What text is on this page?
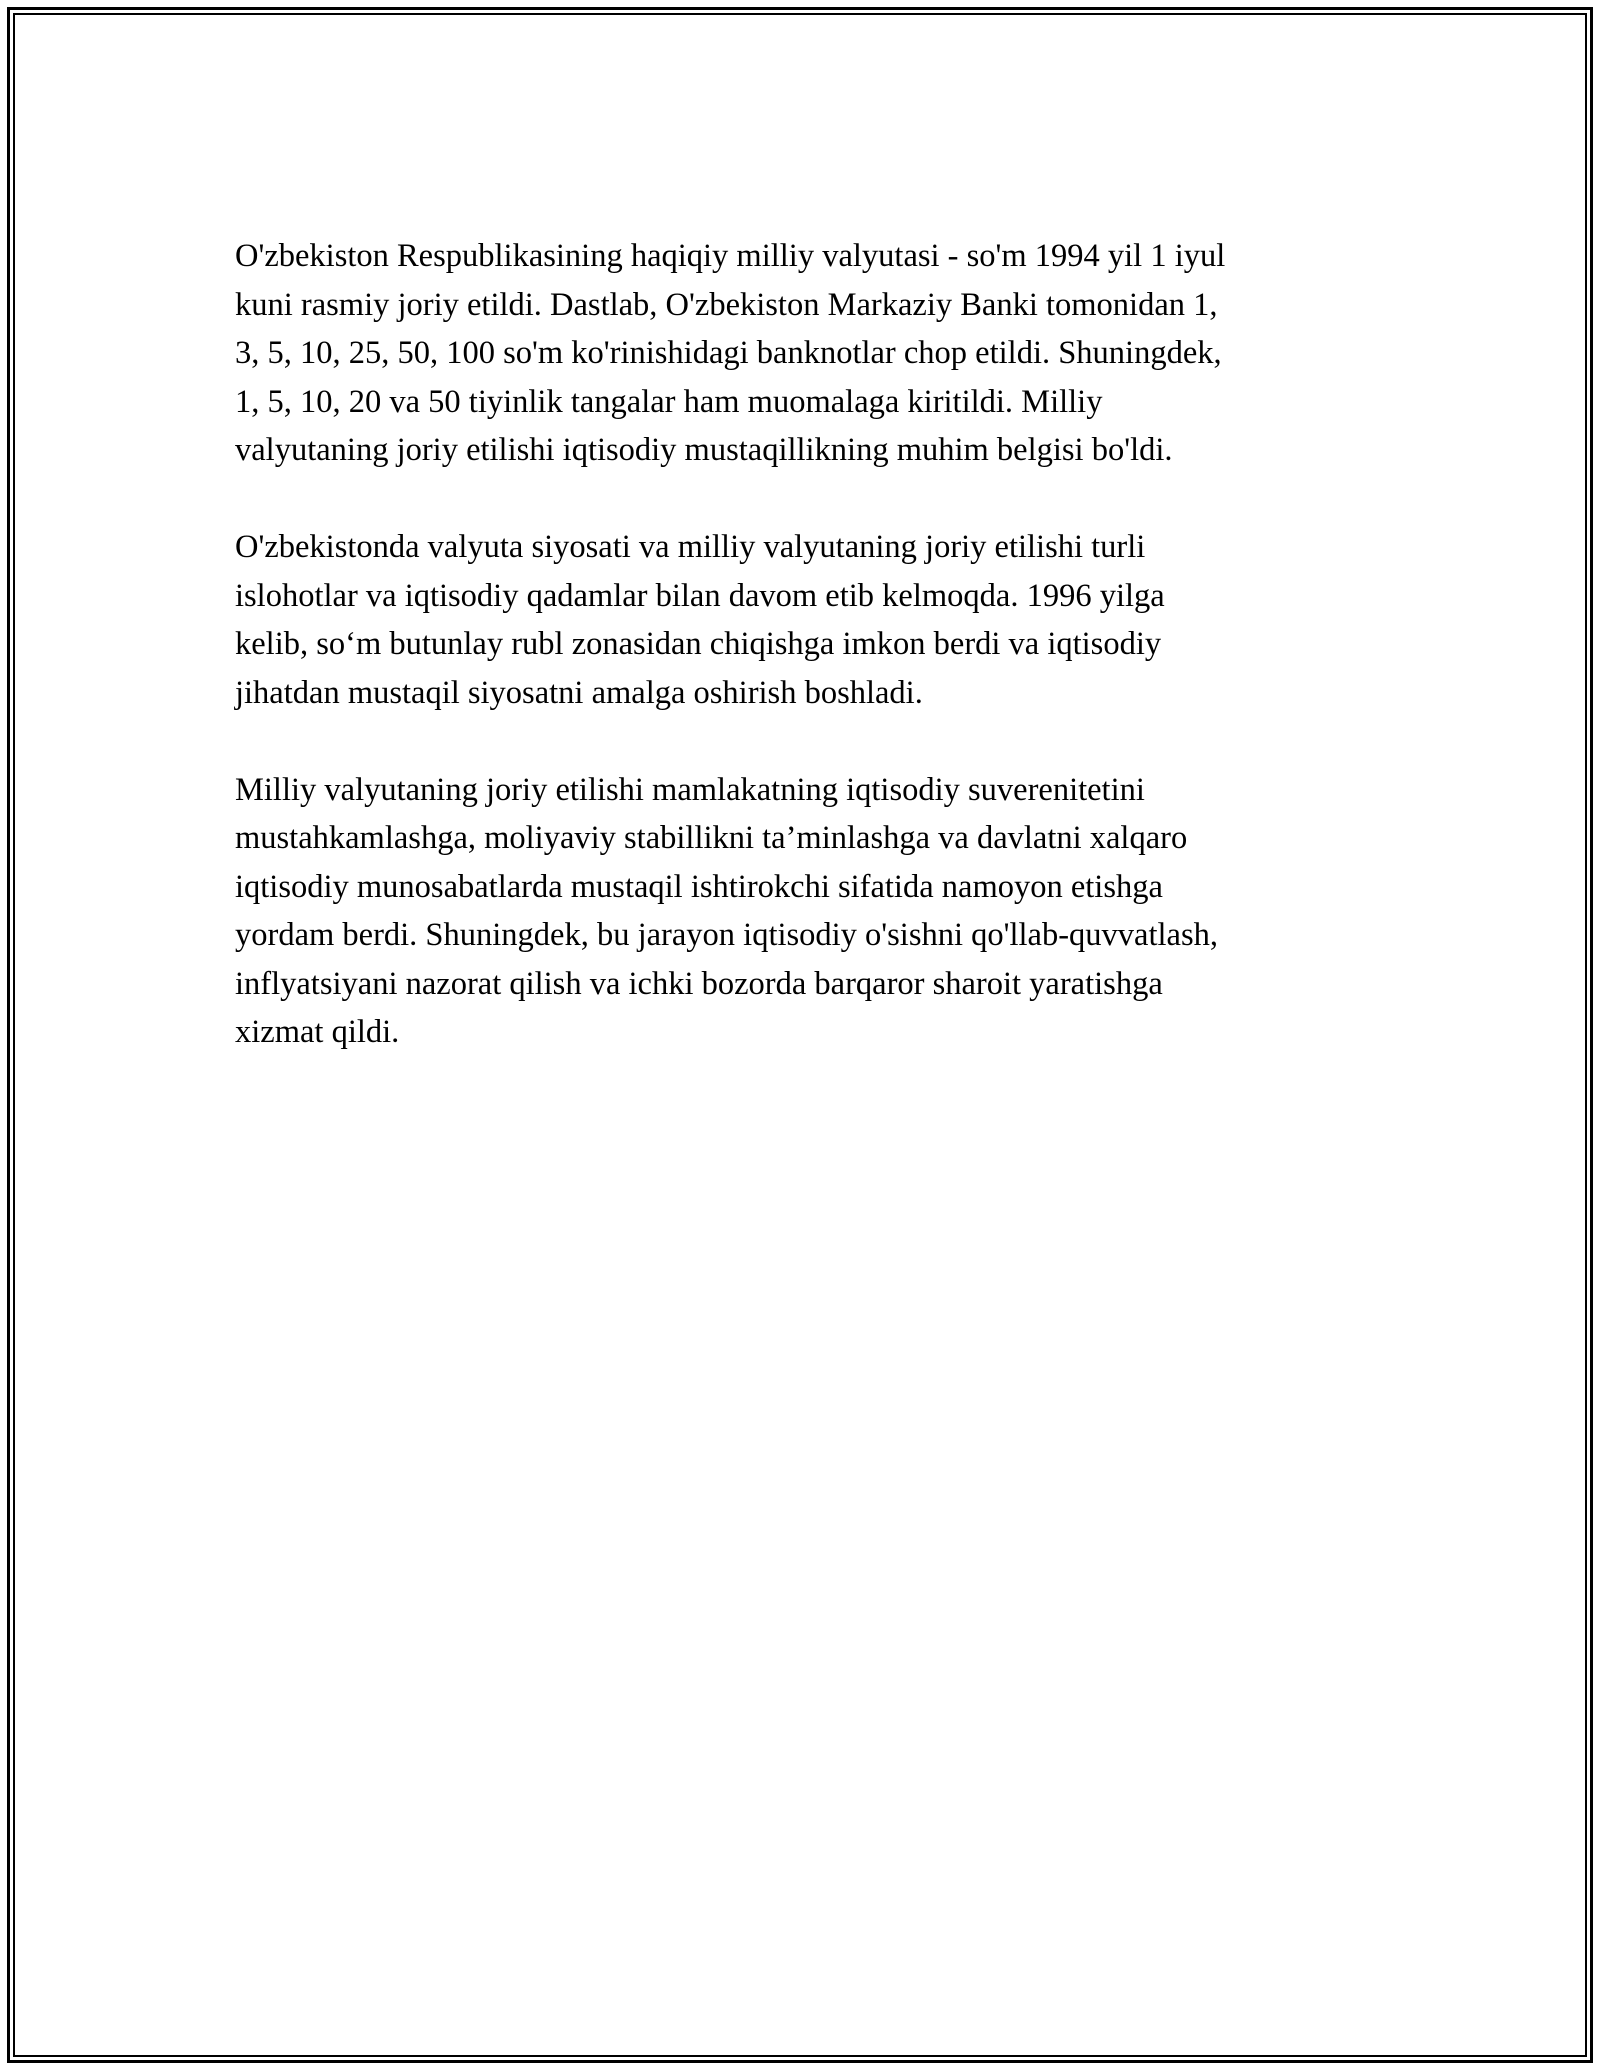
O'zbekiston Respublikasining haqiqiy milliy valyutasi - so'm 1994 yil 1 iyul
kuni rasmiy joriy etildi. Dastlab, O'zbekiston Markaziy Banki tomonidan 1,
3, 5, 10, 25, 50, 100 so'm ko'rinishidagi banknotlar chop etildi. Shuningdek,
1, 5, 10, 20 va 50 tiyinlik tangalar ham muomalaga kiritildi. Milliy
valyutaning joriy etilishi iqtisodiy mustaqillikning muhim belgisi bo'ldi.

O'zbekistonda valyuta siyosati va milliy valyutaning joriy etilishi turli
islohotlar va iqtisodiy qadamlar bilan davom etib kelmoqda. 1996 yilga
kelib, so‘m butunlay rubl zonasidan chiqishga imkon berdi va iqtisodiy
jihatdan mustaqil siyosatni amalga oshirish boshladi.

Milliy valyutaning joriy etilishi mamlakatning iqtisodiy suverenitetini
mustahkamlashga, moliyaviy stabillikni ta’minlashga va davlatni xalqaro
iqtisodiy munosabatlarda mustaqil ishtirokchi sifatida namoyon etishga
yordam berdi. Shuningdek, bu jarayon iqtisodiy o'sishni qo'llab-quvvatlash,
inflyatsiyani nazorat qilish va ichki bozorda barqaror sharoit yaratishga
xizmat qildi.
